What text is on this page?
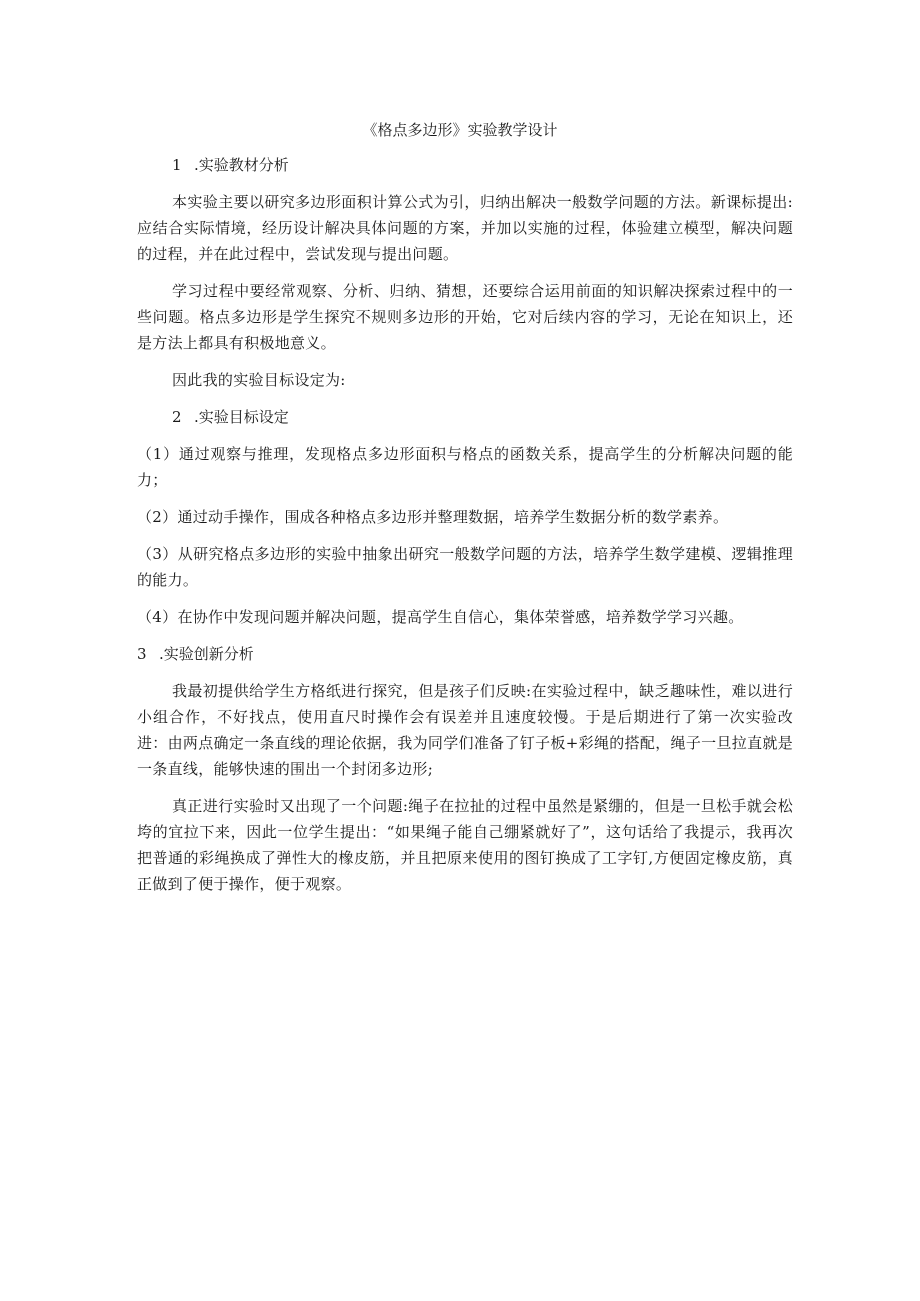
《格点多边形》实验教学设计
1 .实验教材分析

本实验主要以研究多边形面积计算公式为引，归纳出解决一般数学问题的方法。新课标提出:应结合实际情境，经历设计解决具体问题的方案，并加以实施的过程，体验建立模型，解决问题的过程，并在此过程中，尝试发现与提出问题。

学习过程中要经常观察、分析、归纳、猜想，还要综合运用前面的知识解决探索过程中的一些问题。格点多边形是学生探究不规则多边形的开始，它对后续内容的学习，无论在知识上，还是方法上都具有积极地意义。

因此我的实验目标设定为:

2 .实验目标设定

（1）通过观察与推理，发现格点多边形面积与格点的函数关系，提高学生的分析解决问题的能力；

（2）通过动手操作，围成各种格点多边形并整理数据，培养学生数据分析的数学素养。

（3）从研究格点多边形的实验中抽象出研究一般数学问题的方法，培养学生数学建模、逻辑推理的能力。

（4）在协作中发现问题并解决问题，提高学生自信心，集体荣誉感，培养数学学习兴趣。

3 .实验创新分析

我最初提供给学生方格纸进行探究，但是孩子们反映:在实验过程中，缺乏趣味性，难以进行小组合作，不好找点，使用直尺时操作会有误差并且速度较慢。于是后期进行了第一次实验改进：由两点确定一条直线的理论依据，我为同学们准备了钉子板+彩绳的搭配，绳子一旦拉直就是一条直线，能够快速的围出一个封闭多边形;

真正进行实验时又出现了一个问题:绳子在拉扯的过程中虽然是紧绷的，但是一旦松手就会松垮的宜拉下来，因此一位学生提出：“如果绳子能自己绷紧就好了”，这句话给了我提示，我再次把普通的彩绳换成了弹性大的橡皮筋，并且把原来使用的图钉换成了工字钉,方便固定橡皮筋，真正做到了便于操作，便于观察。
